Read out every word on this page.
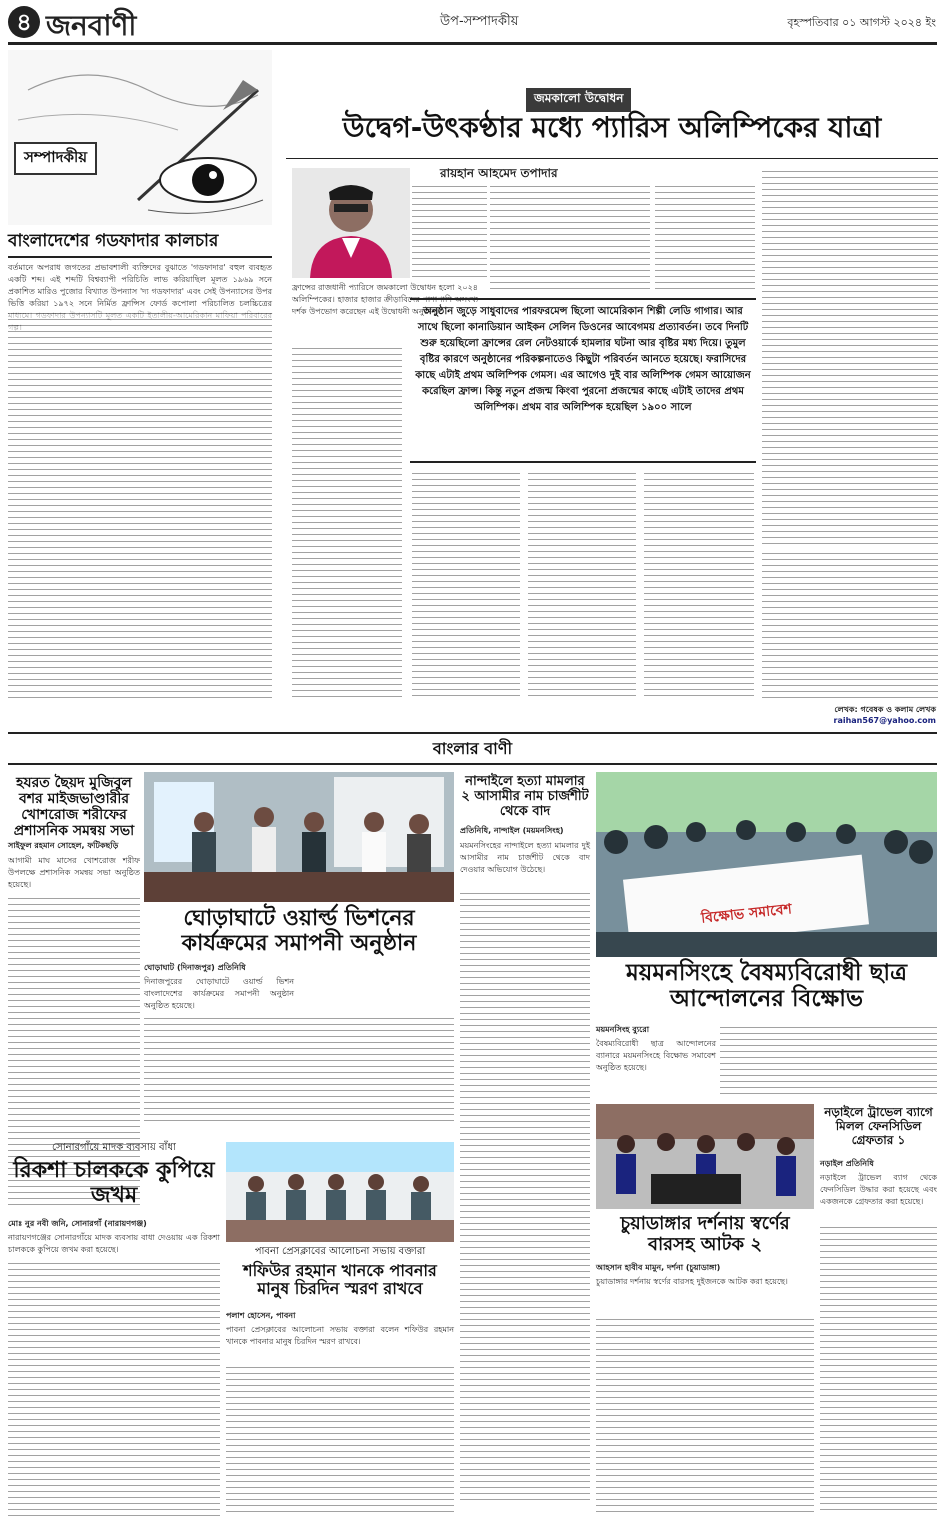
৪ জনবাণী	উপ-সম্পাদকীয়	বৃহস্পতিবার ০১ আগস্ট ২০২৪ ইং
সম্পাদকীয়
বাংলাদেশের গডফাদার কালচার
বর্তমানে অপরাধ জগতের প্রভাবশালী ব্যক্তিদের বুঝাতে 'গডফাদার' বহুল ব্যবহৃত একটি শব্দ। এই শব্দটি বিশ্বব্যাপী পরিচিতি লাভ করিয়াছিল মূলত ১৯৬৯ সনে প্রকাশিত মারিও পুজোর বিখ্যাত উপন্যাস 'দ্য গডফাদার' এবং সেই উপন্যাসের উপর ভিত্তি করিয়া ১৯৭২ সনে নির্মিত ফ্রান্সিস ফোর্ড কপোলা পরিচালিত চলচ্চিত্রের
জমকালো উদ্বোধন
উদ্বেগ-উৎকণ্ঠার মধ্যে প্যারিস অলিম্পিকের যাত্রা
রায়হান আহমেদ তপাদার
ফ্রান্সের রাজধানী প্যারিসে জমকালো উদ্বোধন হলো ২০২৪ অলিম্পিকের। হাজার হাজার ক্রীড়াবিদের পাশাপাশি অসংখ্য দর্শক উপভোগ করেছেন এই উদ্বোধনী অনুষ্ঠান।
অনুষ্ঠান জুড়ে সাধুবাদের পারফরমেন্স ছিলো আমেরিকান শিল্পী লেডি গাগার। আর সাথে ছিলো কানাডিয়ান আইকন সেলিন ডিওনের আবেগময় প্রত্যাবর্তন। তবে দিনটি শুরু হয়েছিলো ফ্রান্সের রেল নেটওয়ার্কে হামলার ঘটনা আর বৃষ্টির মধ্য দিয়ে। তুমুল বৃষ্টির কারণে অনুষ্ঠানের পরিকল্পনাতেও কিছুটা পরিবর্তন আনতে হয়েছে। ফরাসিদের কাছে এটাই প্রথম অলিম্পিক গেমস। এর আগেও দুই বার অলিম্পিক গেমস আয়োজন করেছিল ফ্রান্স। কিন্তু নতুন প্রজন্ম কিংবা পুরনো প্রজন্মের কাছে এটাই তাদের প্রথম অলিম্পিক। প্রথম বার অলিম্পিক হয়েছিল ১৯০০ সালে
লেখক: গবেষক ও কলাম লেখক
raihan567@yahoo.com
বাংলার বাণী
হযরত ছৈয়দ মুজিবুল বশর মাইজভাণ্ডারীর খোশরোজ শরীফের প্রশাসনিক সমন্বয় সভা
সাইফুল রহমান সোহেল, ফটিকছড়ি
আগামী মাঘ মাসের খোশরোজ শরীফ উপলক্ষে প্রশাসনিক সমন্বয় সভা অনুষ্ঠিত হয়েছে।
ঘোড়াঘাটে ওয়ার্ল্ড ভিশনের কার্যক্রমের সমাপনী অনুষ্ঠান
ঘোড়াঘাট (দিনাজপুর) প্রতিনিধি
দিনাজপুরের ঘোড়াঘাটে ওয়ার্ল্ড ভিশন বাংলাদেশের কার্যক্রমের সমাপনী অনুষ্ঠান অনুষ্ঠিত হয়েছে।
নান্দাইলে হত্যা মামলার ২ আসামীর নাম চার্জশীট থেকে বাদ
প্রতিনিধি, নান্দাইল (ময়মনসিংহ)
ময়মনসিংহের নান্দাইলে হত্যা মামলার দুই আসামীর নাম চার্জশীট থেকে বাদ দেওয়ার অভিযোগ উঠেছে।
বিক্ষোভ সমাবেশ
ময়মনসিংহে বৈষম্যবিরোধী ছাত্র আন্দোলনের বিক্ষোভ
ময়মনসিংহ ব্যুরো
বৈষম্যবিরোধী ছাত্র আন্দোলনের ব্যানারে ময়মনসিংহে বিক্ষোভ সমাবেশ অনুষ্ঠিত হয়েছে।
নড়াইলে ট্রাভেল ব্যাগে মিলল ফেনসিডিল গ্রেফতার ১
নড়াইল প্রতিনিধি
নড়াইলে ট্রাভেল ব্যাগ থেকে ফেনসিডিল উদ্ধার করা হয়েছে এবং একজনকে গ্রেফতার করা হয়েছে।
চুয়াডাঙ্গার দর্শনায় স্বর্ণের বারসহ আটক ২
আহসান হাবীব মামুন, দর্শনা (চুয়াডাঙ্গা)
চুয়াডাঙ্গার দর্শনায় স্বর্ণের বারসহ দুইজনকে আটক করা হয়েছে।
সোনারগাঁয়ে মাদক ব্যবসায় বাঁধা
রিকশা চালককে কুপিয়ে জখম
মোঃ নুর নবী জনি, সোনারগাঁ (নারায়ণগঞ্জ)
নারায়ণগঞ্জের সোনারগাঁয়ে মাদক ব্যবসায় বাধা দেওয়ায় এক রিকশা চালককে কুপিয়ে জখম করা হয়েছে।	পাবনা প্রেসক্লাবের আলোচনা সভায় বক্তারা
শফিউর রহমান খানকে পাবনার মানুষ চিরদিন স্মরণ রাখবে
পলাশ হোসেন, পাবনা
পাবনা প্রেসক্লাবের আলোচনা সভায় বক্তারা বলেন শফিউর রহমান খানকে পাবনার মানুষ চিরদিন স্মরণ রাখবে।
